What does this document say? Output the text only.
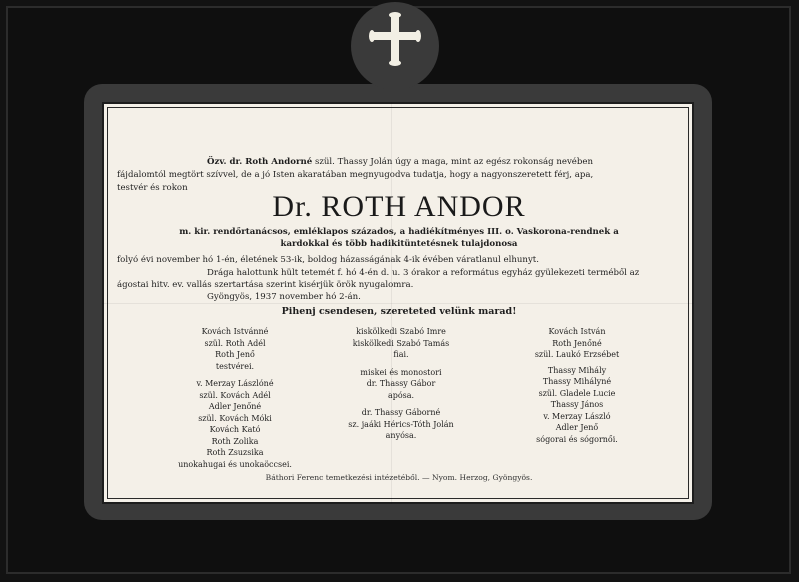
Özv. dr. Roth Andorné szül. Thassy Jolán úgy a maga, mint az egész rokonság nevében
fájdalomtól megtört szívvel, de a jó Isten akaratában megnyugodva tudatja, hogy a nagyonszeretett férj, apa,
testvér és rokon
Dr. ROTH ANDOR
m. kir. rendőrtanácsos, emléklapos százados, a hadiékítményes III. o. Vaskorona-rendnek a
kardokkal és több hadikitüntetésnek tulajdonosa
folyó évi november hó 1-én, életének 53-ik, boldog házasságának 4-ik évében váratlanul elhunyt.
Drága halottunk hült tetemét f. hó 4-én d. u. 3 órakor a református egyház gyülekezeti terméből az
ágostai hitv. ev. vallás szertartása szerint kisérjük örök nyugalomra.
Gyöngyös, 1937 november hó 2-án.
Pihenj csendesen, szereteted velünk marad!
Kovách Istvánné
szül. Roth Adél
Roth Jenő
testvérei.
v. Merzay Lászlóné
szül. Kovách Adél
Adler Jenőné
szül. Kovách Móki
Kovách Kató
Roth Zolika
Roth Zsuzsika
unokahugai és unokaöccsei.
kiskölkedi Szabó Imre
kiskölkedi Szabó Tamás
fiai.
miskei és monostori
dr. Thassy Gábor
apósa.
dr. Thassy Gáborné
sz. jaáki Hérics-Tóth Jolán
anyósa.
Kovách István
Roth Jenőné
szül. Laukó Erzsébet
Thassy Mihály
Thassy Mihályné
szül. Gladele Lucie
Thassy János
v. Merzay László
Adler Jenő
sógorai és sógornői.
Báthori Ferenc temetkezési intézetéből. — Nyom. Herzog, Gyöngyös.
